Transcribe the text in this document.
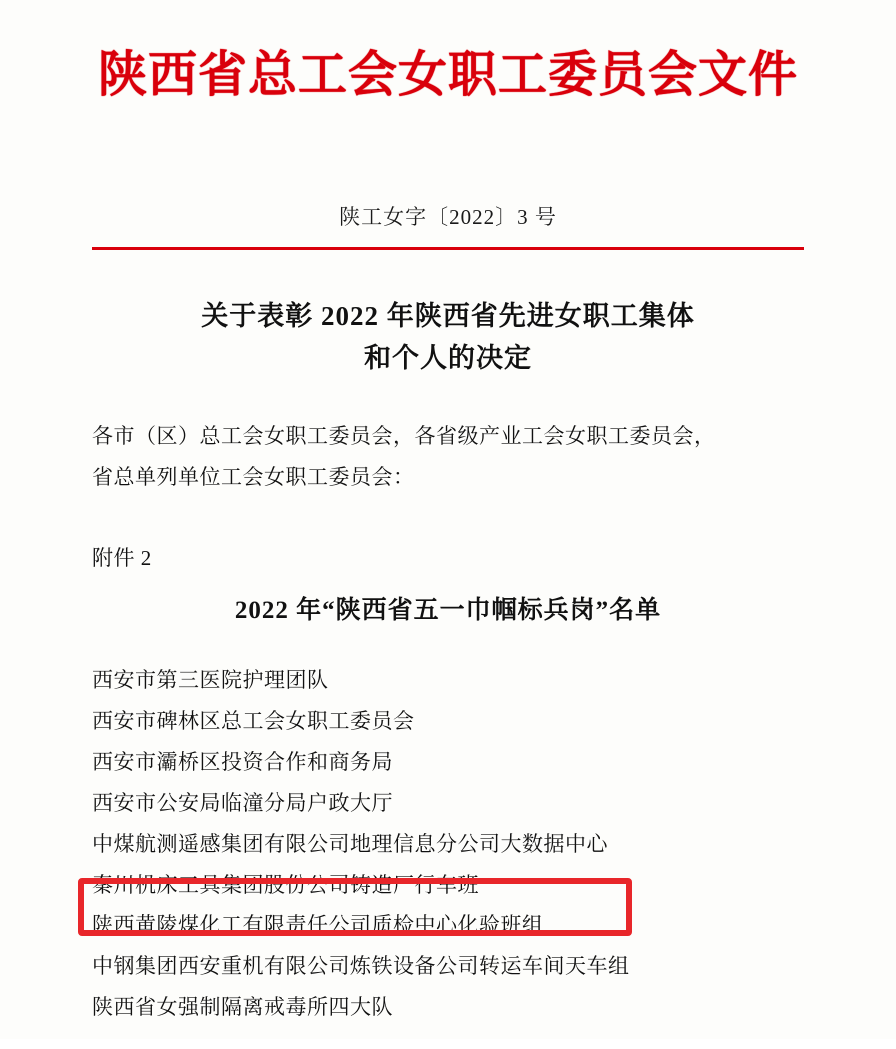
陕西省总工会女职工委员会文件
陕工女字〔2022〕3 号
关于表彰 2022 年陕西省先进女职工集体
和个人的决定
各市（区）总工会女职工委员会，各省级产业工会女职工委员会，
省总单列单位工会女职工委员会：
附件 2
2022 年“陕西省五一巾帼标兵岗”名单
西安市第三医院护理团队
西安市碑林区总工会女职工委员会
西安市灞桥区投资合作和商务局
西安市公安局临潼分局户政大厅
中煤航测遥感集团有限公司地理信息分公司大数据中心
秦川机床工具集团股份公司铸造厂行车班
陕西黄陵煤化工有限责任公司质检中心化验班组
中钢集团西安重机有限公司炼铁设备公司转运车间天车组
陕西省女强制隔离戒毒所四大队
